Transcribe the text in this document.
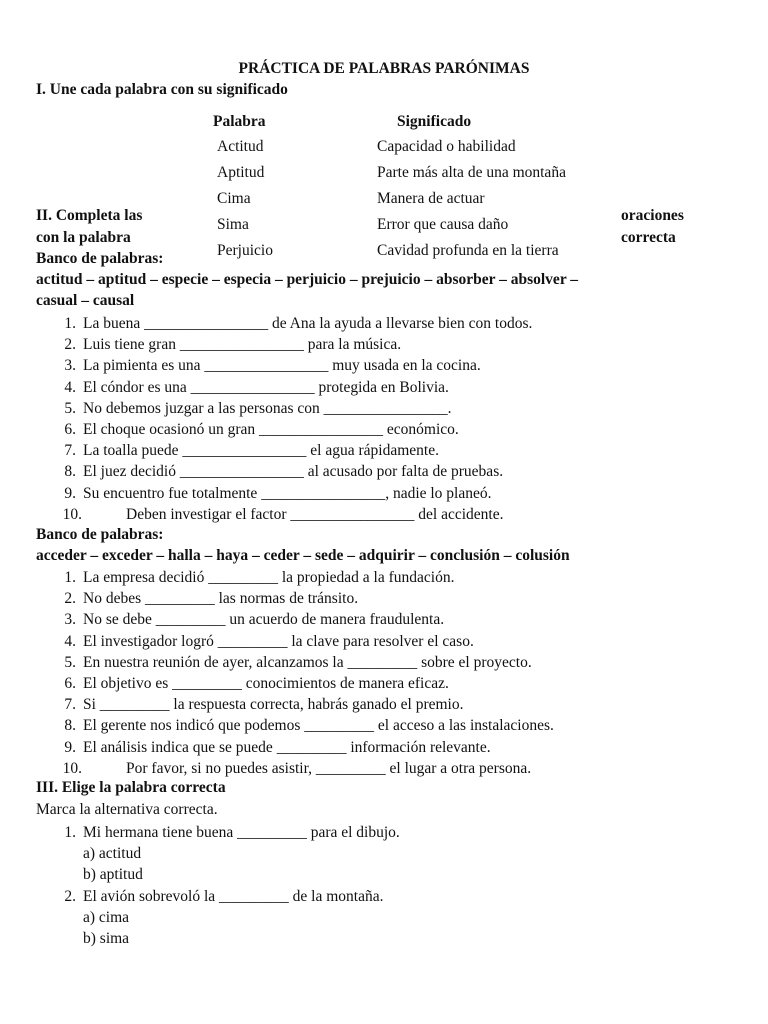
PRÁCTICA DE PALABRAS PARÓNIMAS
I. Une cada palabra con su significado
Palabra	Significado
Actitud	Capacidad o habilidad
Aptitud	Parte más alta de una montaña
Cima	Manera de actuar
Sima	Error que causa daño
Perjuicio	Cavidad profunda en la tierra
II. Completa las
con la palabra
oraciones
correcta
Banco de palabras:
actitud – aptitud – especie – especia – perjuicio – prejuicio – absorber – absolver –
casual – causal
1. La buena ________________ de Ana la ayuda a llevarse bien con todos.
2. Luis tiene gran ________________ para la música.
3. La pimienta es una ________________ muy usada en la cocina.
4. El cóndor es una ________________ protegida en Bolivia.
5. No debemos juzgar a las personas con ________________.
6. El choque ocasionó un gran ________________ económico.
7. La toalla puede ________________ el agua rápidamente.
8. El juez decidió ________________ al acusado por falta de pruebas.
9. Su encuentro fue totalmente ________________, nadie lo planeó.
10.	Deben investigar el factor ________________ del accidente.
Banco de palabras:
acceder – exceder – halla – haya – ceder – sede – adquirir – conclusión – colusión
1. La empresa decidió _________ la propiedad a la fundación.
2. No debes _________ las normas de tránsito.
3. No se debe _________ un acuerdo de manera fraudulenta.
4. El investigador logró _________ la clave para resolver el caso.
5. En nuestra reunión de ayer, alcanzamos la _________ sobre el proyecto.
6. El objetivo es _________ conocimientos de manera eficaz.
7. Si _________ la respuesta correcta, habrás ganado el premio.
8. El gerente nos indicó que podemos _________ el acceso a las instalaciones.
9. El análisis indica que se puede _________ información relevante.
10.	Por favor, si no puedes asistir, _________ el lugar a otra persona.
III. Elige la palabra correcta
Marca la alternativa correcta.
1. Mi hermana tiene buena _________ para el dibujo.
a) actitud
b) aptitud
2. El avión sobrevoló la _________ de la montaña.
a) cima
b) sima
